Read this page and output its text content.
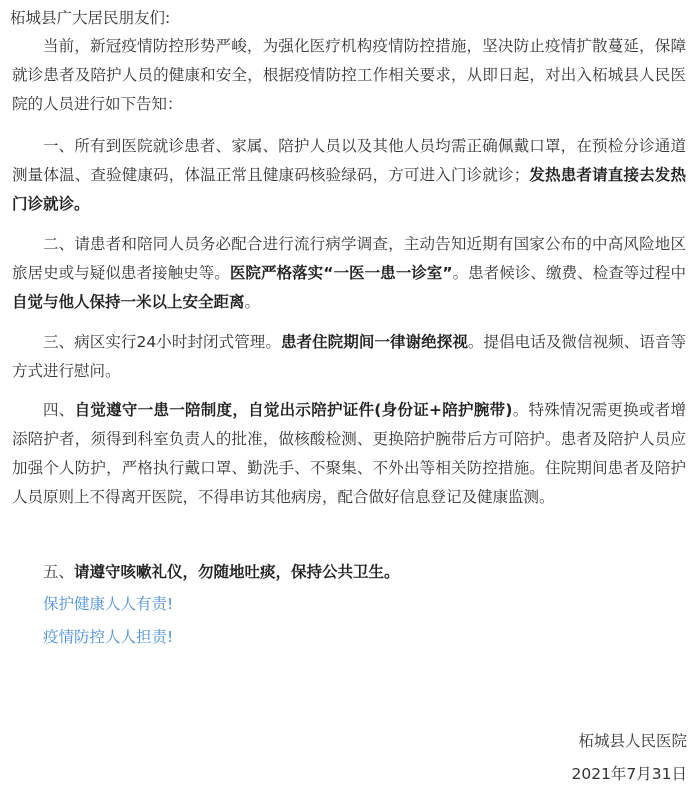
柘城县广大居民朋友们:

当前，新冠疫情防控形势严峻，为强化医疗机构疫情防控措施，坚决防止疫情扩散蔓延，保障就诊患者及陪护人员的健康和安全，根据疫情防控工作相关要求，从即日起，对出入柘城县人民医院的人员进行如下告知：

一、所有到医院就诊患者、家属、陪护人员以及其他人员均需正确佩戴口罩，在预检分诊通道测量体温、查验健康码，体温正常且健康码核验绿码，方可进入门诊就诊；发热患者请直接去发热门诊就诊。

二、请患者和陪同人员务必配合进行流行病学调查，主动告知近期有国家公布的中高风险地区旅居史或与疑似患者接触史等。医院严格落实“一医一患一诊室”。患者候诊、缴费、检查等过程中自觉与他人保持一米以上安全距离。

三、病区实行24小时封闭式管理。患者住院期间一律谢绝探视。提倡电话及微信视频、语音等方式进行慰问。

四、自觉遵守一患一陪制度，自觉出示陪护证件(身份证+陪护腕带)。特殊情况需更换或者增添陪护者，须得到科室负责人的批准，做核酸检测、更换陪护腕带后方可陪护。患者及陪护人员应加强个人防护，严格执行戴口罩、勤洗手、不聚集、不外出等相关防控措施。住院期间患者及陪护人员原则上不得离开医院，不得串访其他病房，配合做好信息登记及健康监测。

五、请遵守咳嗽礼仪，勿随地吐痰，保持公共卫生。

保护健康人人有责!
疫情防控人人担责!
柘城县人民医院
2021年7月31日
